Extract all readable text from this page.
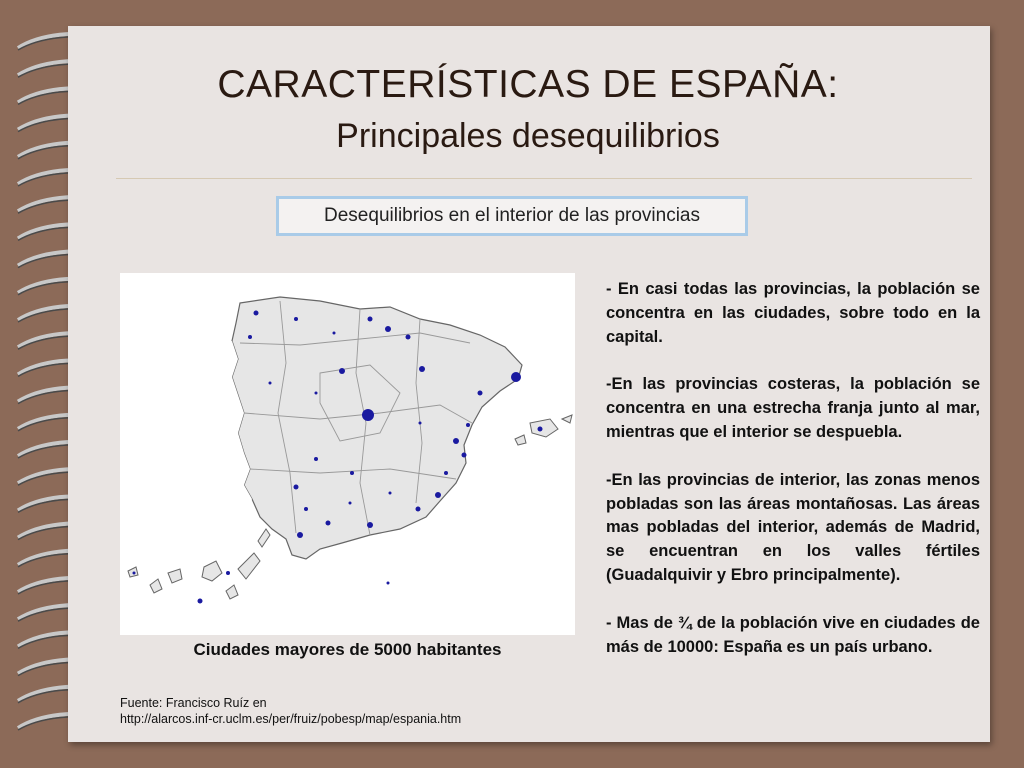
CARACTERÍSTICAS DE ESPAÑA:
Principales desequilibrios
Desequilibrios en el interior de las provincias
Ciudades mayores de 5000 habitantes
Fuente: Francisco Ruíz en
http://alarcos.inf-cr.uclm.es/per/fruiz/pobesp/map/espania.htm

- En casi todas las provincias, la población se concentra en las ciudades, sobre todo en la capital.

-En las provincias costeras, la población se concentra en una estrecha franja junto al mar, mientras que el interior se despuebla.

-En las provincias de interior, las zonas menos pobladas son las áreas montañosas. Las áreas mas pobladas del interior, además de Madrid, se encuentran en los valles fértiles (Guadalquivir y Ebro principalmente).

- Mas de ¾ de la población vive en ciudades de más de 10000: España es un país urbano.
